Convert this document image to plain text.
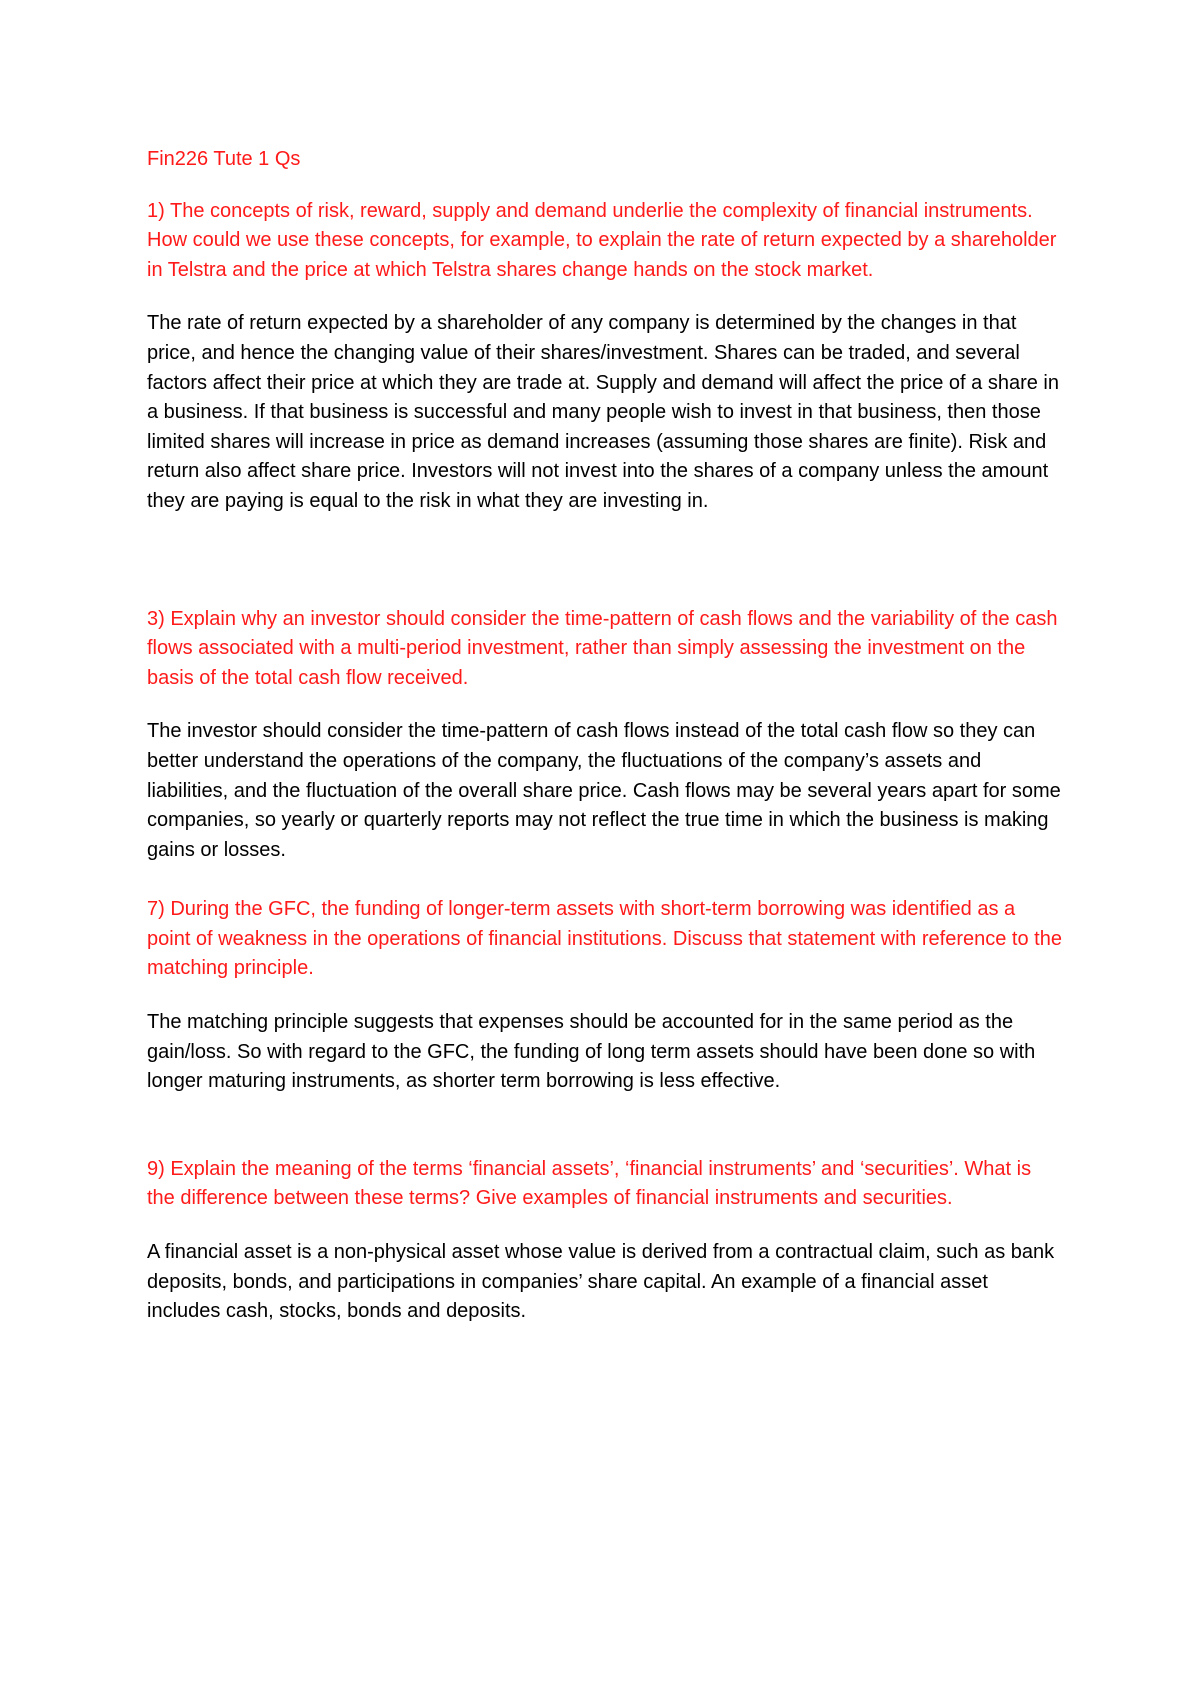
Fin226 Tute 1 Qs

1) The concepts of risk, reward, supply and demand underlie the complexity of financial instruments. How could we use these concepts, for example, to explain the rate of return expected by a shareholder in Telstra and the price at which Telstra shares change hands on the stock market.

The rate of return expected by a shareholder of any company is determined by the changes in that price, and hence the changing value of their shares/investment. Shares can be traded, and several factors affect their price at which they are trade at. Supply and demand will affect the price of a share in a business. If that business is successful and many people wish to invest in that business, then those limited shares will increase in price as demand increases (assuming those shares are finite). Risk and return also affect share price. Investors will not invest into the shares of a company unless the amount they are paying is equal to the risk in what they are investing in.

3) Explain why an investor should consider the time-pattern of cash flows and the variability of the cash flows associated with a multi-period investment, rather than simply assessing the investment on the basis of the total cash flow received.

The investor should consider the time-pattern of cash flows instead of the total cash flow so they can better understand the operations of the company, the fluctuations of the company’s assets and liabilities, and the fluctuation of the overall share price. Cash flows may be several years apart for some companies, so yearly or quarterly reports may not reflect the true time in which the business is making gains or losses.

7) During the GFC, the funding of longer-term assets with short-term borrowing was identified as a point of weakness in the operations of financial institutions. Discuss that statement with reference to the matching principle.

The matching principle suggests that expenses should be accounted for in the same period as the gain/loss. So with regard to the GFC, the funding of long term assets should have been done so with longer maturing instruments, as shorter term borrowing is less effective.

9) Explain the meaning of the terms ‘financial assets’, ‘financial instruments’ and ‘securities’. What is the difference between these terms? Give examples of financial instruments and securities.

A financial asset is a non-physical asset whose value is derived from a contractual claim, such as bank deposits, bonds, and participations in companies’ share capital. An example of a financial asset includes cash, stocks, bonds and deposits.
